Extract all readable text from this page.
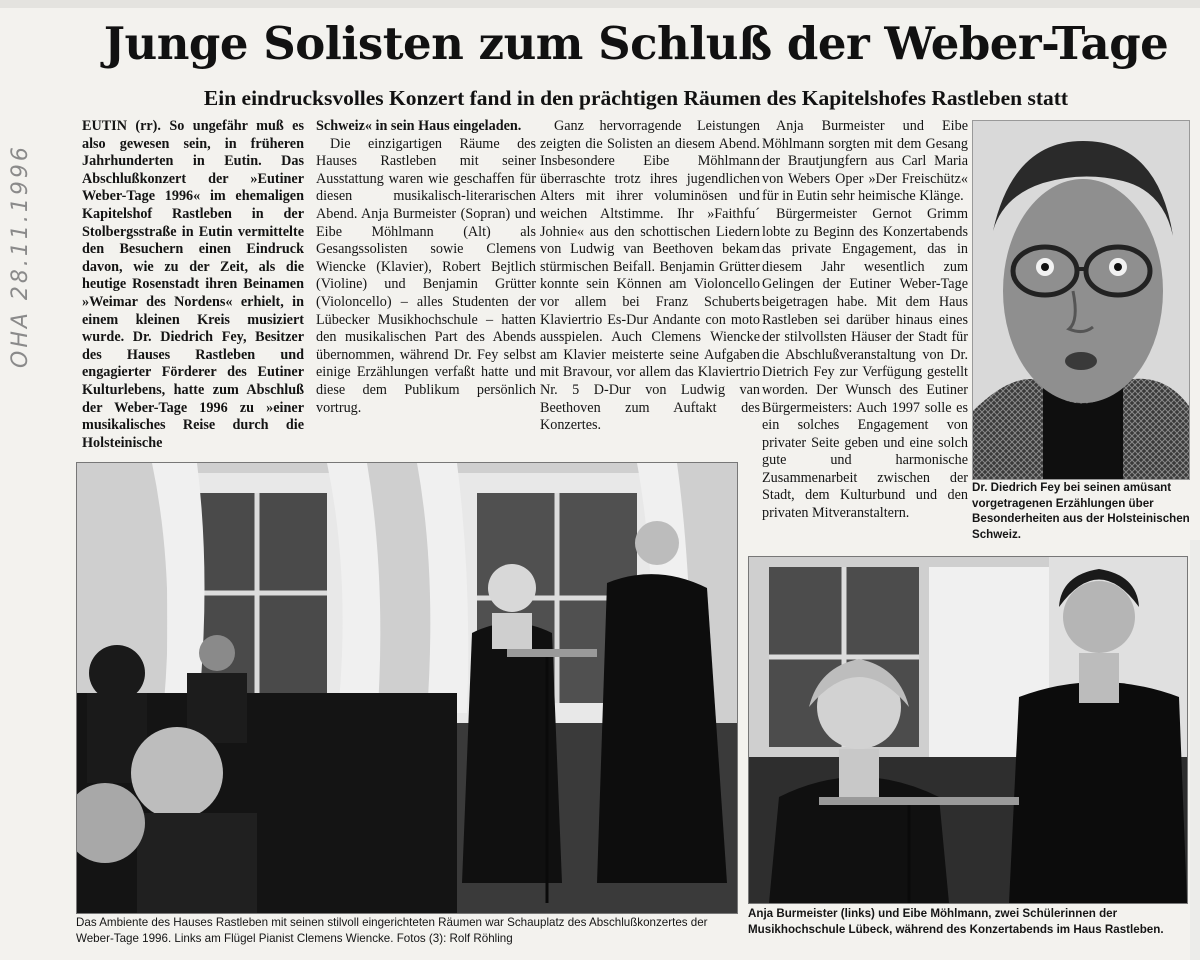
OHA 28.11.1996
Junge Solisten zum Schluß der Weber-Tage
Ein eindrucksvolles Konzert fand in den prächtigen Räumen des Kapitelshofes Rastleben statt

EUTIN (rr). So ungefähr muß es also gewesen sein, in früheren Jahrhunderten in Eutin. Das Abschlußkonzert der »Eutiner Weber-Tage 1996« im ehemaligen Kapitelshof Rastleben in der Stolbergsstraße in Eutin vermittelte den Besuchern einen Eindruck davon, wie zu der Zeit, als die heutige Rosenstadt ihren Beinamen »Weimar des Nordens« erhielt, in einem kleinen Kreis musiziert wurde. Dr. Diedrich Fey, Besitzer des Hauses Rastleben und engagierter Förderer des Eutiner Kulturlebens, hatte zum Abschluß der Weber-Tage 1996 zu »einer musikalisches Reise durch die Holsteinische

Schweiz« in sein Haus eingeladen.

Die einzigartigen Räume des Hauses Rastleben mit seiner Ausstattung waren wie geschaffen für diesen musikalisch-literarischen Abend. Anja Burmeister (Sopran) und Eibe Möhlmann (Alt) als Gesangssolisten sowie Clemens Wiencke (Klavier), Robert Bejtlich (Violine) und Benjamin Grütter (Violoncello) – alles Studenten der Lübecker Musikhochschule – hatten den musikalischen Part des Abends übernommen, während Dr. Fey selbst einige Erzählungen verfaßt hatte und diese dem Publikum persönlich vortrug.

Ganz hervorragende Leistungen zeigten die Solisten an diesem Abend. Insbesondere Eibe Möhlmann überraschte trotz ihres jugendlichen Alters mit ihrer voluminösen und weichen Altstimme. Ihr »Faithfu´ Johnie« aus den schottischen Liedern von Ludwig van Beethoven bekam stürmischen Beifall. Benjamin Grütter konnte sein Können am Violoncello vor allem bei Franz Schuberts Klaviertrio Es-Dur Andante con moto ausspielen. Auch Clemens Wiencke am Klavier meisterte seine Aufgaben mit Bravour, vor allem das Klaviertrio Nr. 5 D-Dur von Ludwig van Beethoven zum Auftakt des Konzertes.

Anja Burmeister und Eibe Möhlmann sorgten mit dem Gesang der Brautjungfern aus Carl Maria von Webers Oper »Der Freischütz« für in Eutin sehr heimische Klänge.

Bürgermeister Gernot Grimm lobte zu Beginn des Konzertabends das private Engagement, das in diesem Jahr wesentlich zum Gelingen der Eutiner Weber-Tage beigetragen habe. Mit dem Haus Rastleben sei darüber hinaus eines der stilvollsten Häuser der Stadt für die Abschlußveranstaltung von Dr. Dietrich Fey zur Verfügung gestellt worden. Der Wunsch des Eutiner Bürgermeisters: Auch 1997 solle es ein solches Engagement von privater Seite geben und eine solch gute und harmonische Zusammenarbeit zwischen der Stadt, dem Kulturbund und den privaten Mitveranstaltern.

Dr. Diedrich Fey bei seinen amüsant vorgetragenen Erzählungen über Besonderheiten aus der Holsteinischen Schweiz.
Das Ambiente des Hauses Rastleben mit seinen stilvoll eingerichteten Räumen war Schauplatz des Abschlußkonzertes der Weber-Tage 1996. Links am Flügel Pianist Clemens Wiencke. Fotos (3): Rolf Röhling
Anja Burmeister (links) und Eibe Möhlmann, zwei Schülerinnen der Musikhochschule Lübeck, während des Konzertabends im Haus Rastleben.
